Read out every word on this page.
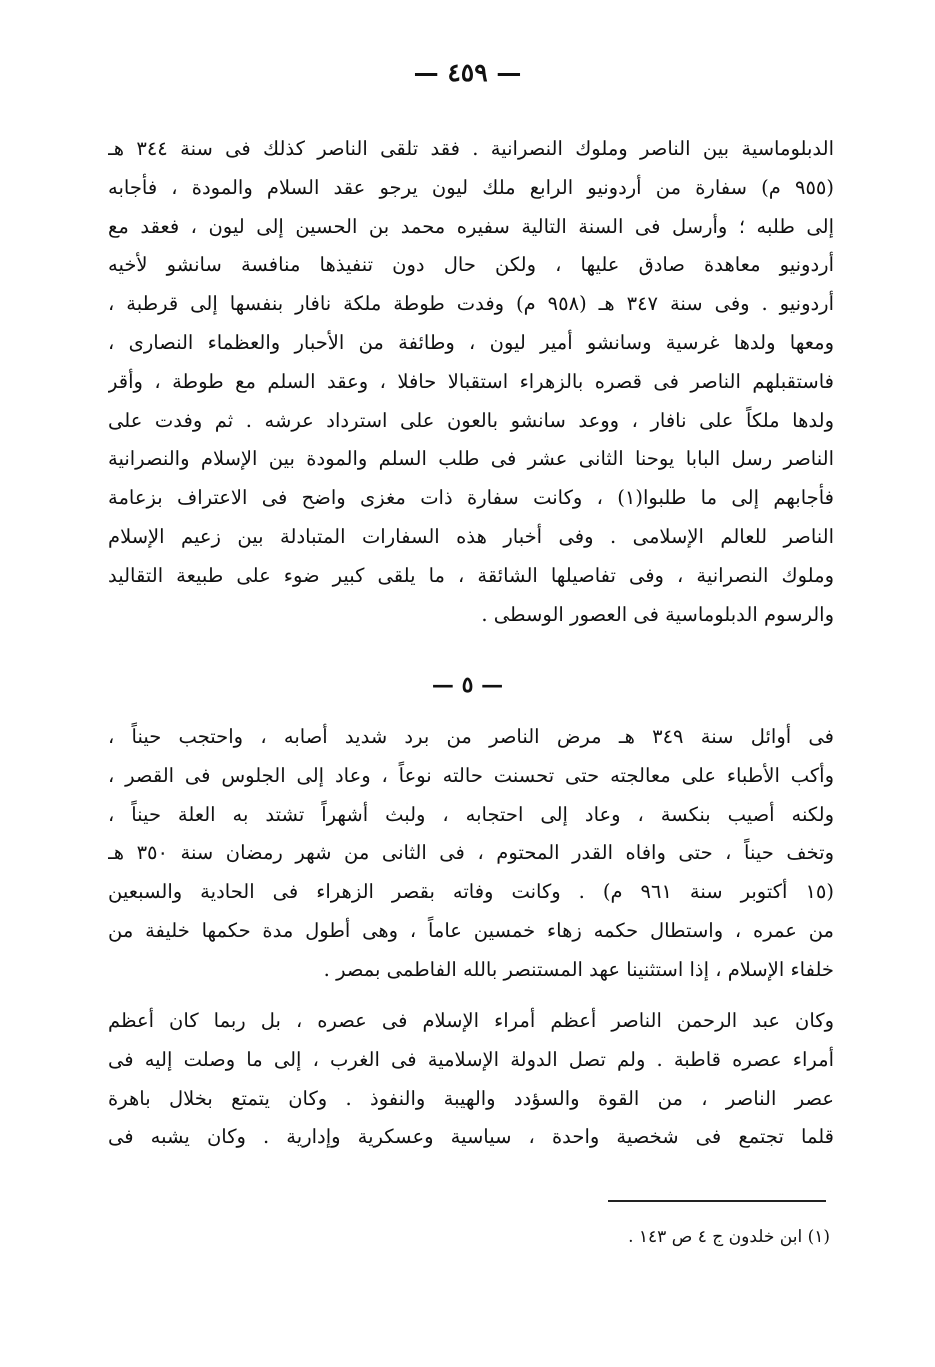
— ٤٥٩ —
الدبلوماسية بين الناصر وملوك النصرانية . فقد تلقى الناصر كذلك فى سنة ٣٤٤ هـ
(٩٥٥ م) سفارة من أردونيو الرابع ملك ليون يرجو عقد السلام والمودة ، فأجابه
إلى طلبه ؛ وأرسل فى السنة التالية سفيره محمد بن الحسين إلى ليون ، فعقد مع
أردونيو معاهدة صادق عليها ، ولكن حال دون تنفيذها منافسة سانشو لأخيه
أردونيو . وفى سنة ٣٤٧ هـ (٩٥٨ م) وفدت طوطة ملكة نافار بنفسها إلى قرطبة ،
ومعها ولدها غرسية وسانشو أمير ليون ، وطائفة من الأحبار والعظماء النصارى ،
فاستقبلهم الناصر فى قصره بالزهراء استقبالا حافلا ، وعقد السلم مع طوطة ، وأقر
ولدها ملكاً على نافار ، ووعد سانشو بالعون على استرداد عرشه . ثم وفدت على
الناصر رسل البابا يوحنا الثانى عشر فى طلب السلم والمودة بين الإسلام والنصرانية
فأجابهم إلى ما طلبوا(١) ، وكانت سفارة ذات مغزى واضح فى الاعتراف بزعامة
الناصر للعالم الإسلامى . وفى أخبار هذه السفارات المتبادلة بين زعيم الإسلام
وملوك النصرانية ، وفى تفاصيلها الشائقة ، ما يلقى كبير ضوء على طبيعة التقاليد
والرسوم الدبلوماسية فى العصور الوسطى .
— ٥ —
فى أوائل سنة ٣٤٩ هـ مرض الناصر من برد شديد أصابه ، واحتجب حيناً ،
وأكب الأطباء على معالجته حتى تحسنت حالته نوعاً ، وعاد إلى الجلوس فى القصر ،
ولكنه أصيب بنكسة ، وعاد إلى احتجابه ، ولبث أشهراً تشتد به العلة حيناً ،
وتخف حيناً ، حتى وافاه القدر المحتوم ، فى الثانى من شهر رمضان سنة ٣٥٠ هـ
(١٥ أكتوبر سنة ٩٦١ م) . وكانت وفاته بقصر الزهراء فى الحادية والسبعين
من عمره ، واستطال حكمه زهاء خمسين عاماً ، وهى أطول مدة حكمها خليفة من
خلفاء الإسلام ، إذا استثنينا عهد المستنصر بالله الفاطمى بمصر .
وكان عبد الرحمن الناصر أعظم أمراء الإسلام فى عصره ، بل ربما كان أعظم
أمراء عصره قاطبة . ولم تصل الدولة الإسلامية فى الغرب ، إلى ما وصلت إليه فى
عصر الناصر ، من القوة والسؤدد والهيبة والنفوذ . وكان يتمتع بخلال باهرة
قلما تجتمع فى شخصية واحدة ، سياسية وعسكرية وإدارية . وكان يشبه فى
(١) ابن خلدون ج ٤ ص ١٤٣ .
